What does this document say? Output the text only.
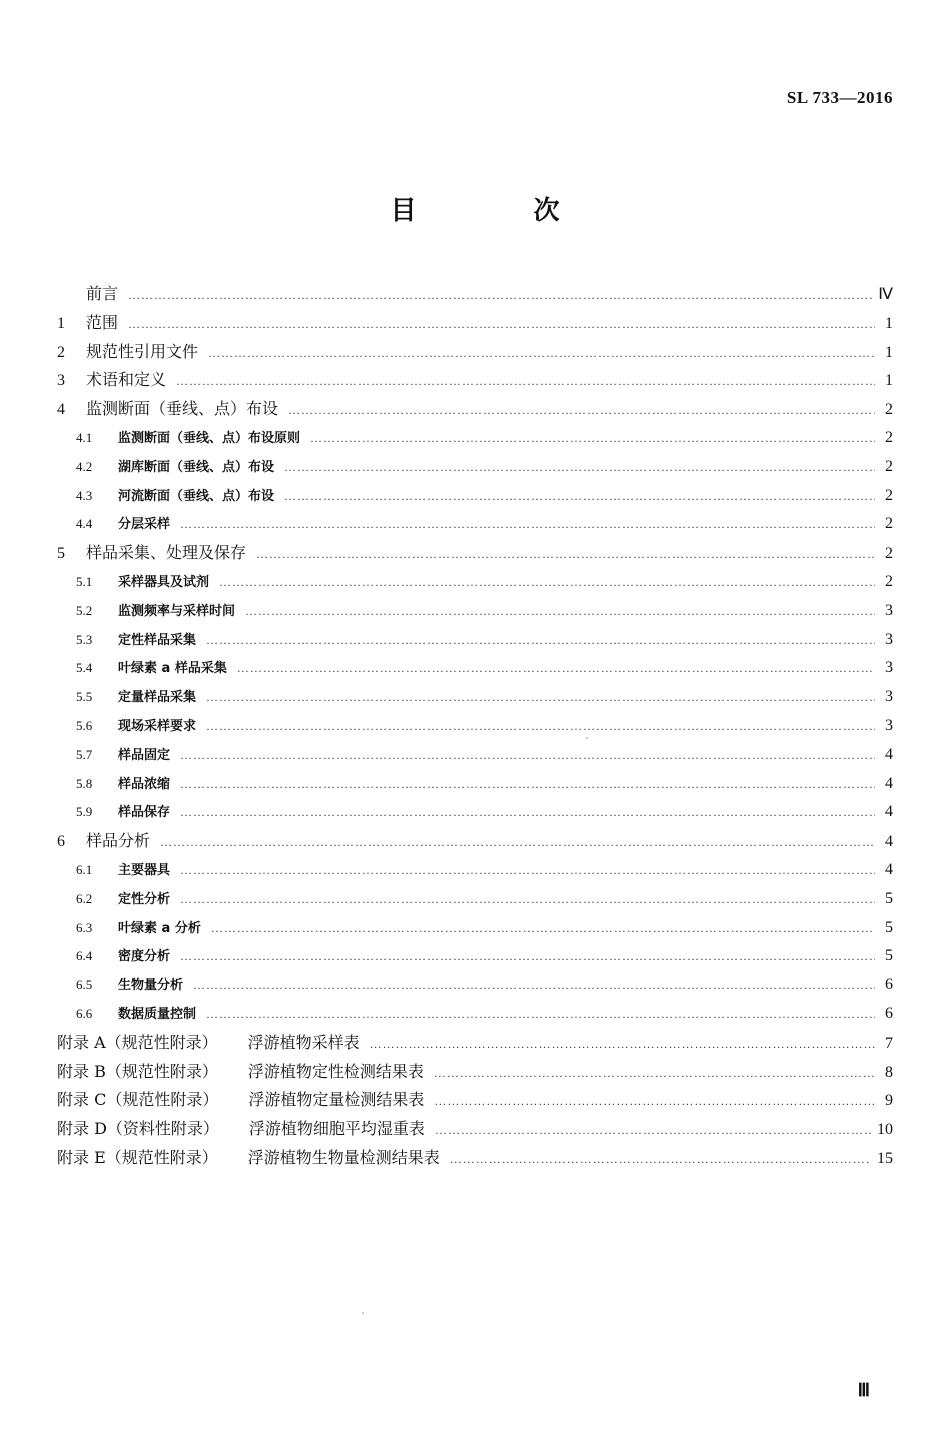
SL 733—2016
目 次
前言 ……………………………………………………………………………………………………………………………………………………………………………………	Ⅳ
1	范围 ……………………………………………………………………………………………………………………………………………………………………………………	1
2	规范性引用文件 ……………………………………………………………………………………………………………………………………………………………………………………	1
3	术语和定义 ……………………………………………………………………………………………………………………………………………………………………………………	1
4	监测断面（垂线、点）布设 ……………………………………………………………………………………………………………………………………………………………………………………	2
4.1	监测断面（垂线、点）布设原则 ……………………………………………………………………………………………………………………………………………………………………………………	2
4.2	湖库断面（垂线、点）布设 ……………………………………………………………………………………………………………………………………………………………………………………	2
4.3	河流断面（垂线、点）布设 ……………………………………………………………………………………………………………………………………………………………………………………	2
4.4	分层采样 ……………………………………………………………………………………………………………………………………………………………………………………	2
5	样品采集、处理及保存 ……………………………………………………………………………………………………………………………………………………………………………………	2
5.1	采样器具及试剂 ……………………………………………………………………………………………………………………………………………………………………………………	2
5.2	监测频率与采样时间 ……………………………………………………………………………………………………………………………………………………………………………………	3
5.3	定性样品采集 ……………………………………………………………………………………………………………………………………………………………………………………	3
5.4	叶绿素 a 样品采集 ……………………………………………………………………………………………………………………………………………………………………………………	3
5.5	定量样品采集 ……………………………………………………………………………………………………………………………………………………………………………………	3
5.6	现场采样要求 ……………………………………………………………………………………………………………………………………………………………………………………	3
5.7	样品固定 ……………………………………………………………………………………………………………………………………………………………………………………	4
5.8	样品浓缩 ……………………………………………………………………………………………………………………………………………………………………………………	4
5.9	样品保存 ……………………………………………………………………………………………………………………………………………………………………………………	4
6	样品分析 ……………………………………………………………………………………………………………………………………………………………………………………	4
6.1	主要器具 ……………………………………………………………………………………………………………………………………………………………………………………	4
6.2	定性分析 ……………………………………………………………………………………………………………………………………………………………………………………	5
6.3	叶绿素 a 分析 ……………………………………………………………………………………………………………………………………………………………………………………	5
6.4	密度分析 ……………………………………………………………………………………………………………………………………………………………………………………	5
6.5	生物量分析 ……………………………………………………………………………………………………………………………………………………………………………………	6
6.6	数据质量控制 ……………………………………………………………………………………………………………………………………………………………………………………	6
附录 A（规范性附录）	浮游植物采样表 ……………………………………………………………………………………………………………………………………………………………………………………	7
附录 B（规范性附录）	浮游植物定性检测结果表 ……………………………………………………………………………………………………………………………………………………………………………………	8
附录 C（规范性附录）	浮游植物定量检测结果表 ……………………………………………………………………………………………………………………………………………………………………………………	9
附录 D（资料性附录）	浮游植物细胞平均湿重表 ……………………………………………………………………………………………………………………………………………………………………………………	10
附录 E（规范性附录）	浮游植物生物量检测结果表 ……………………………………………………………………………………………………………………………………………………………………………………	15
Ⅲ
